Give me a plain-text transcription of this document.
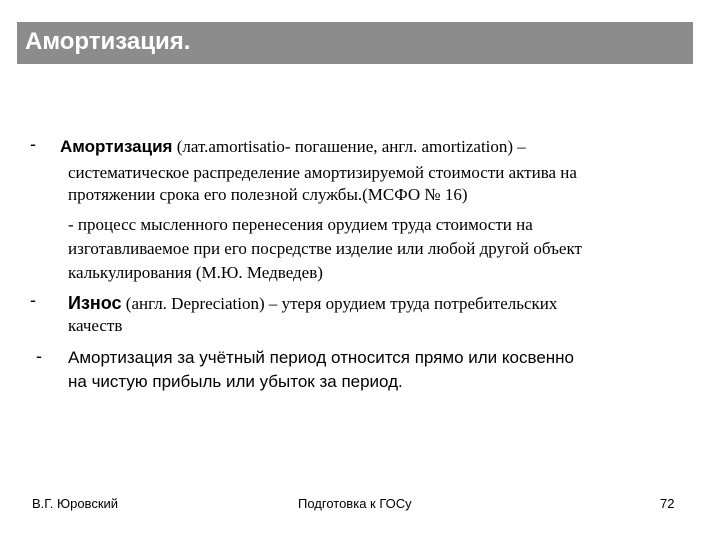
Амортизация.
- Амортизация (лат.amortisatio- погашение, англ. amortization) –
систематическое распределение амортизируемой стоимости актива на
протяжении срока его полезной службы.(МСФО № 16)
- процесс мысленного перенесения орудием труда стоимости на
изготавливаемое при его посредстве изделие или любой другой объект
калькулирования (М.Ю. Медведев)
- Износ (англ. Depreciation) – утеря орудием труда потребительских
качеств
- Амортизация за учётный период относится прямо или косвенно
на чистую прибыль или убыток за период.
В.Г. Юровский	Подготовка к ГОСу	72
